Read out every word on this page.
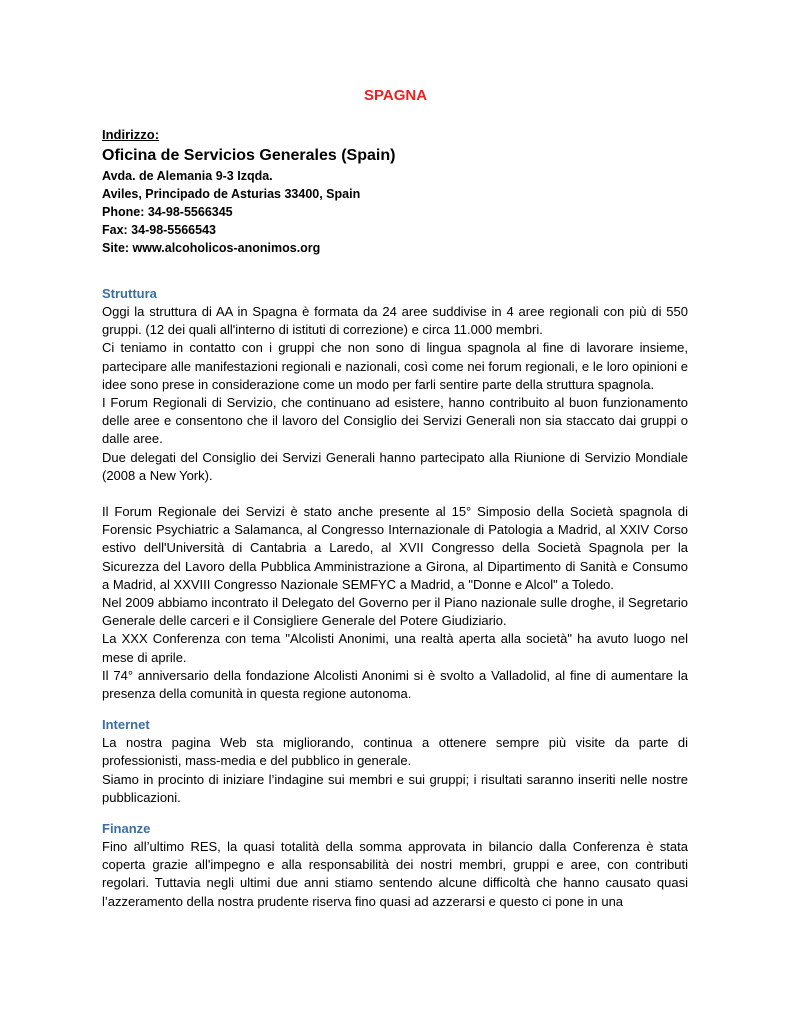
SPAGNA
Indirizzo:
Oficina de Servicios Generales (Spain)
Avda. de Alemania 9-3 Izqda.
Aviles, Principado de Asturias 33400, Spain
Phone: 34-98-5566345
Fax: 34-98-5566543
Site: www.alcoholicos-anonimos.org
Struttura

Oggi la struttura di AA in Spagna è formata da 24 aree suddivise in 4 aree regionali con più di 550 gruppi. (12 dei quali all'interno di istituti di correzione) e circa 11.000 membri.

Ci teniamo in contatto con i gruppi che non sono di lingua spagnola al fine di lavorare insieme, partecipare alle manifestazioni regionali e nazionali, così come nei forum regionali, e le loro opinioni e idee sono prese in considerazione come un modo per farli sentire parte della struttura spagnola.

I Forum Regionali di Servizio, che continuano ad esistere, hanno contribuito al buon funzionamento delle aree e consentono che il lavoro del Consiglio dei Servizi Generali non sia staccato dai gruppi o dalle aree.

Due delegati del Consiglio dei Servizi Generali hanno partecipato alla Riunione di Servizio Mondiale (2008 a New York).

Il Forum Regionale dei Servizi è stato anche presente al 15° Simposio della Società spagnola di Forensic Psychiatric a Salamanca, al Congresso Internazionale di Patologia a Madrid, al XXIV Corso estivo dell'Università di Cantabria a Laredo, al XVII Congresso della Società Spagnola per la Sicurezza del Lavoro della Pubblica Amministrazione a Girona, al Dipartimento di Sanità e Consumo a Madrid, al XXVIII Congresso Nazionale SEMFYC a Madrid, a "Donne e Alcol" a Toledo.

Nel 2009 abbiamo incontrato il Delegato del Governo per il Piano nazionale sulle droghe, il Segretario Generale delle carceri e il Consigliere Generale del Potere Giudiziario.

La XXX Conferenza con tema "Alcolisti Anonimi, una realtà aperta alla società" ha avuto luogo nel mese di aprile.

Il 74° anniversario della fondazione Alcolisti Anonimi si è svolto a Valladolid, al fine di aumentare la presenza della comunità in questa regione autonoma.

Internet

La nostra pagina Web sta migliorando, continua a ottenere sempre più visite da parte di professionisti, mass-media e del pubblico in generale.

Siamo in procinto di iniziare l’indagine sui membri e sui gruppi; i risultati saranno inseriti nelle nostre pubblicazioni.

Finanze

Fino all’ultimo RES, la quasi totalità della somma approvata in bilancio dalla Conferenza è stata coperta grazie all'impegno e alla responsabilità dei nostri membri, gruppi e aree, con contributi regolari. Tuttavia negli ultimi due anni stiamo sentendo alcune difficoltà che hanno causato quasi l’azzeramento della nostra prudente riserva fino quasi ad azzerarsi e questo ci pone in una
